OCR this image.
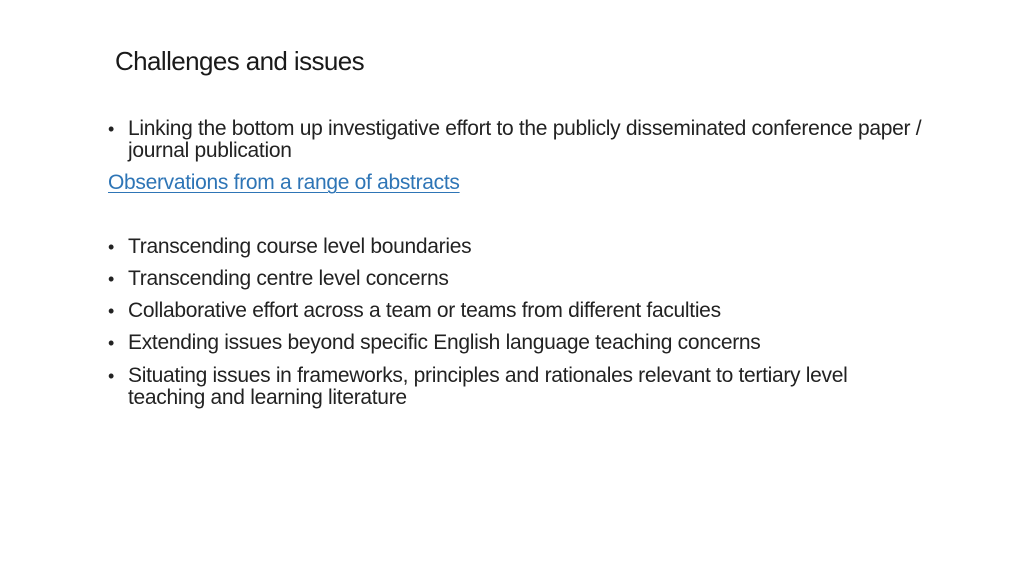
Challenges and issues
• Linking the bottom up investigative effort to the publicly disseminated conference paper / journal publication
Observations from a range of abstracts
• Transcending course level boundaries
• Transcending centre level concerns
• Collaborative effort across a team or teams from different faculties
• Extending issues beyond specific English language teaching concerns
• Situating issues in frameworks, principles and rationales relevant to tertiary level teaching and learning literature
